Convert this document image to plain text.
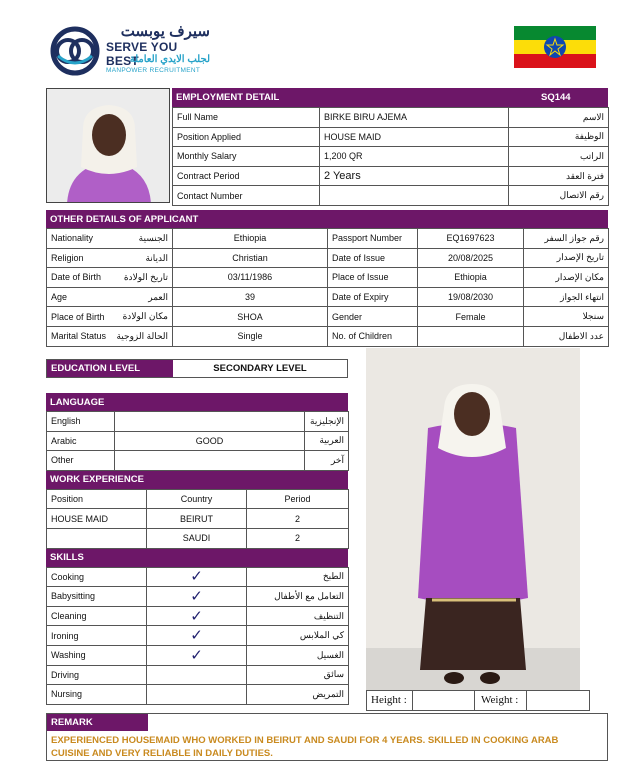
سيرف يوبست
SERVE YOU BEST
لجلب الايدي العاملة
MANPOWER RECRUITMENT
EMPLOYMENT DETAIL	SQ144
Full Name	BIRKE BIRU AJEMA	الاسم
Position Applied	HOUSE MAID	الوظيفة
Monthly Salary	1,200 QR	الراتب
Contract Period	2 Years	فترة العقد
Contact Number		رقم الاتصال
OTHER DETAILS OF APPLICANT
Nationality الجنسية	Ethiopia	Passport Number	EQ1697623	رقم جواز السفر
Religion الديانة	Christian	Date of Issue	20/08/2025	تاريخ الإصدار
Date of Birth تاريخ الولادة	03/11/1986	Place of Issue	Ethiopia	مكان الإصدار
Age العمر	39	Date of Expiry	19/08/2030	انتهاء الجواز
Place of Birth مكان الولادة	SHOA	Gender	Female	سنجلا
Marital Status الحالة الزوجية	Single	No. of Children		عدد الاطفال
EDUCATION LEVEL	SECONDARY LEVEL
LANGUAGE
English		الإنجليزية
Arabic	GOOD	العربية
Other		آخر
WORK EXPERIENCE
Position	Country	Period
HOUSE MAID	BEIRUT	2
	SAUDI	2
SKILLS
Cooking	✓	الطبخ
Babysitting	✓	التعامل مع الأطفال
Cleaning	✓	التنظيف
Ironing	✓	كي الملابس
Washing	✓	الغسيل
Driving		سائق
Nursing		التمريض
Height :	Weight :
REMARK
EXPERIENCED HOUSEMAID WHO WORKED IN BEIRUT AND SAUDI FOR 4 YEARS. SKILLED IN COOKING ARAB
CUISINE AND VERY RELIABLE IN DAILY DUTIES.
